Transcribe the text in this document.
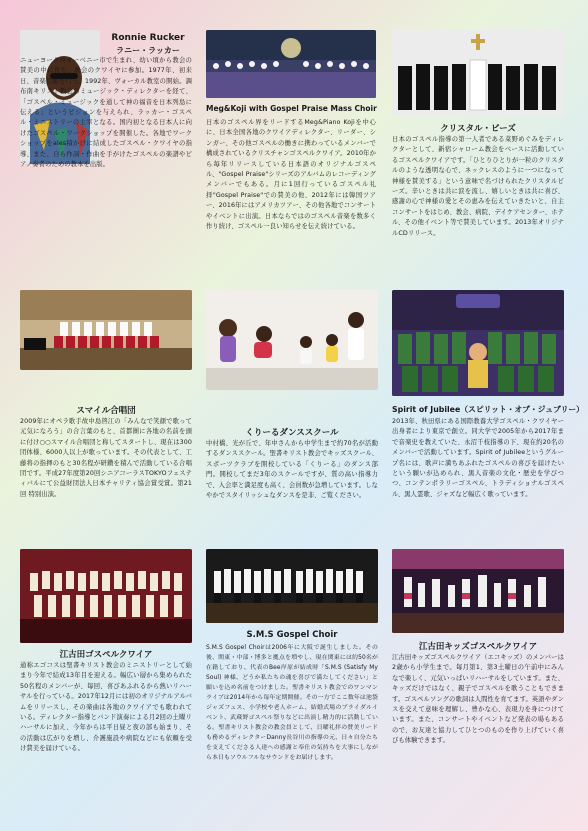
Ronnie Rucker
ラニー・ラッカー
ニューヨーク州オーベニー市で生まれ、幼い頃から教会の賛美の中に育ち、教会のクワイヤに参加。1977年、初来日、音楽活動を行う。1992年、ヴォーカル教室の開始。調布南キリスト教会のミュージック・ディレクターを経て、「ゴスペル・ミュージックを通して神の福音を日本列島に伝える」というビジョンを与えられ、ラッカー・ゴスペル・ミニストリーの主宰となる。国内初となる日本人に向けたゴスペル・ワークショップを開催した。各地でワークショップをales積かけに結成したゴスペル・クワイヤの指導、また、自ら作詞・作曲を手がけたゴスペルの楽譜やピアノ奏者のための教本を出版。
Meg&Koji with Gospel Praise Mass Choir
日本のゴスペル界をリードするMeg&Piano Kojiを中心に、日本全国各地のクワイアディレクター、リーダー、シンガー、その他ゴスペルの働きに携わっているメンバーで構成されているクリスチャンゴスペルクワイア。2010年から毎年リリースしている日本語のオリジナルゴスペル、"Gospel Praise"シリーズのアルバムのレコーディングメンバーでもある。月に1回行っているゴスペル礼拝"Gospel Praise"での賛美の他、2012年には韓国ツアー、2016年にはアメリカツアー、その他各地でコンサートやイベントに出演。日本ならではのゴスペル音楽を数多く作り続け、ゴスペル一良い知らせを伝え続けている。
クリスタル・ビーズ
日本のゴスペル指導の第一人者である菜野めぐみをディレクターとして、新宿シャローム教会をベースに活動しているゴスペルクワイアです。「ひとりひとりが一粒のクリスタルのような透明な心で、ネックレスのように一つになって神様を賛美する」という意味で名づけられたクリスタルビーズ。辛いときは共に涙を流し、嬉しいときは共に喜び、感謝の心で神様の愛とその恵みを伝えていきたいと、自主コンサートをはじめ、教会、病院、デイケアセンター、ホテル、その他イベント等で賛美しています。2013年オリジナルCDリリース。
スマイル合唱団
2009年にオペラ歌手故中島啓江の「みんなで笑顔で歌って元気になろう」の合言葉のもと、首都圏に各地の名前を頭に付け○○スマイル合唱団と称してスタートし、現在は300団体様、6000人以上が歌っています。その代表として、工藤将の指揮のもと30名程が研鑽を積んで活動している合唱団です。平成27年度第20回シニアコーラスTOKYOフェスティバルにて公益財団法人日本チャリティ協会賞受賞。第21回 特別出演。
くりーるダンススクール
中村橋、光が丘で、年中さんから中学生まで約70名が活動するダンススクール。聖書キリスト教会でキッズスクール、スポーツクラブを開校している「くりーる」のダンス部門。開校してまだ3年のスクールですが、質の高い指導力で、入会率と満足度も高く、会員数が急増しています。しなやかでスタイリッシュなダンスを是非、ご覧ください。
Spirit of Jubilee（スピリット・オブ・ジュブリー）
2013年、秋田県にある国際教養大学ゴスペル・クワイヤー出身者により東京で創立。同大学で2005年から2017年まで音楽史を教えていた、永沼千枝指導の下、現在約20名のメンバーで活動しています。Spirit of Jubileeというグループ名には、歌声に満ちあふれたゴスペルの喜びを届けたいという願いが込められ、黒人音楽の文化・歴史を学びつつ、コンテンポラリーゴスペル、トラディショナルゴスペル、黒人霊歌、ジャズなど幅広く歌っています。
江古田ゴスペルクワイア
通称エゴコスは聖書キリスト教会のミニストリーとして始まり今年で結成13年目を迎える。幅広い層から集められた50名程のメンバーが、毎回、喜びあふれるから熱いリハーサルを行っている。2017年12月には初のオリジナルアルバムをリリースし、その楽曲は各地のクワイアでも歌われている。ディレクター指導とバンド演奏による月2回の土曜リハーサルに加え、今年からは平日昼と夜の部も始まり、その活動は広がりを増し、介護施設や病院などにも依頼を受け賛美を届けている。
S.M.S Gospel Choir
S.M.S Gospel Choirは2006年に大阪で誕生しました。その後、関東・中部・博多と拠点を増やし、現在関東には約50名が在籍しており、代表のBee岸原が結成時「S.M.S (Satisfy My Soul) 神様、どうか私たちの魂を喜びで満たしてください」と願いを込め名前をつけました。聖書キリスト教会でのワンマンライブは2014年から毎年定期開催。その一方でここ数年は池袋ジャズフェス、小学校や老人ホーム、結婚式場のブライダルイベント、武蔵野ゴスペル祭りなどに出演し精力的に活動している。聖書キリスト教会の教会員として、日曜礼拝の賛美リードも務めるディレクターDanny長谷川の指導の元、日々自分たちを支えてくださる人達への感謝と奉仕の気持ちを大事にしながら本日もソウルフルなサウンドをお届けします。
江古田キッズゴスペルクワイア
江古田キッズゴスペルクワイア（エコキッズ）のメンバーは2歳から小学生まで。毎月第1、第3土曜日の午前中にみんなで楽しく、元気いっぱいリハーサルをしています。また、キッズだけではなく、親子でゴスペルを歌うこともできます。ゴスペルソングの歌詞は人間性を育てます。英語やダンスを交えて意味を理解し、豊かな心、表現力を身につけています。また、コンサートやイベントなど発表の場もあるので、お友達と協力してひとつのものを作り上げていく喜びも体験できます。
